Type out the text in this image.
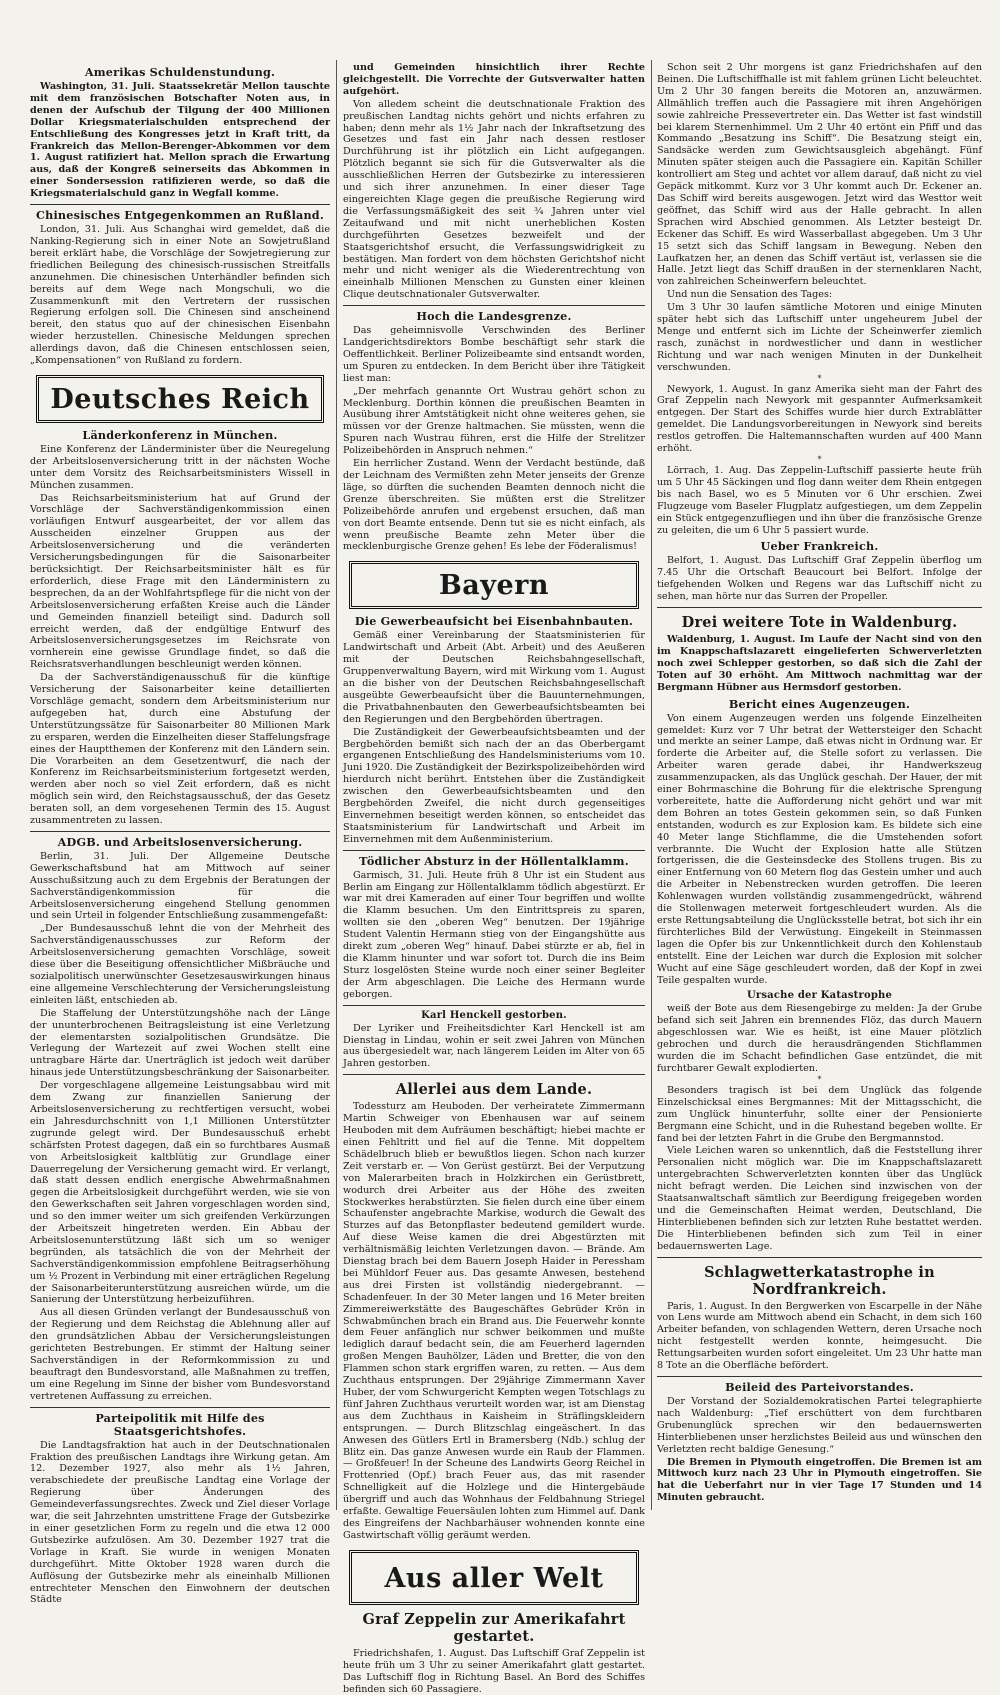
Amerikas Schuldenstundung.

Washington, 31. Juli. Staatssekretär Mellon tauschte mit dem französischen Botschafter Noten aus, in denen der Aufschub der Tilgung der 400 Millionen Dollar Kriegsmaterialschulden entsprechend der Entschließung des Kongresses jetzt in Kraft tritt, da Frankreich das Mellon-Berenger-Abkommen vor dem 1. August ratifiziert hat. Mellon sprach die Erwartung aus, daß der Kongreß seinerseits das Abkommen in einer Sondersession ratifizieren werde, so daß die Kriegsmaterialschuld ganz in Wegfall komme.

Chinesisches Entgegenkommen an Rußland.

London, 31. Juli. Aus Schanghai wird gemeldet, daß die Nanking-Regierung sich in einer Note an Sowjetrußland bereit erklärt habe, die Vorschläge der Sowjetregierung zur friedlichen Beilegung des chinesisch-russischen Streitfalls anzunehmen. Die chinesischen Unterhändler befinden sich bereits auf dem Wege nach Mongschuli, wo die Zusammenkunft mit den Vertretern der russischen Regierung erfolgen soll. Die Chinesen sind anscheinend bereit, den status quo auf der chinesischen Eisenbahn wieder herzustellen. Chinesische Meldungen sprechen allerdings davon, daß die Chinesen entschlossen seien, „Kompensationen“ von Rußland zu fordern.

Deutsches Reich
Länderkonferenz in München.

Eine Konferenz der Länderminister über die Neuregelung der Arbeitslosenversicherung tritt in der nächsten Woche unter dem Vorsitz des Reichsarbeitsministers Wissell in München zusammen.

Das Reichsarbeitsministerium hat auf Grund der Vorschläge der Sachverständigenkommission einen vorläufigen Entwurf ausgearbeitet, der vor allem das Ausscheiden einzelner Gruppen aus der Arbeitslosenversicherung und die veränderten Versicherungsbedingungen für die Saisonarbeiter berücksichtigt. Der Reichsarbeitsminister hält es für erforderlich, diese Frage mit den Länderministern zu besprechen, da an der Wohlfahrtspflege für die nicht von der Arbeitslosenversicherung erfaßten Kreise auch die Länder und Gemeinden finanziell beteiligt sind. Dadurch soll erreicht werden, daß der endgültige Entwurf des Arbeitslosenversicherungsgesetzes im Reichsrate von vornherein eine gewisse Grundlage findet, so daß die Reichsratsverhandlungen beschleunigt werden können.

Da der Sachverständigenausschuß für die künftige Versicherung der Saisonarbeiter keine detaillierten Vorschläge gemacht, sondern dem Arbeitsministerium nur aufgegeben hat, durch eine Abstufung der Unterstützungssätze für Saisonarbeiter 80 Millionen Mark zu ersparen, werden die Einzelheiten dieser Staffelungsfrage eines der Hauptthemen der Konferenz mit den Ländern sein. Die Vorarbeiten an dem Gesetzentwurf, die nach der Konferenz im Reichsarbeitsministerium fortgesetzt werden, werden aber noch so viel Zeit erfordern, daß es nicht möglich sein wird, den Reichstagsausschuß, der das Gesetz beraten soll, an dem vorgesehenen Termin des 15. August zusammentreten zu lassen.

ADGB. und Arbeitslosenversicherung.

Berlin, 31. Juli. Der Allgemeine Deutsche Gewerkschaftsbund hat am Mittwoch auf seiner Ausschußsitzung auch zu dem Ergebnis der Beratungen der Sachverständigenkommission für die Arbeitslosenversicherung eingehend Stellung genommen und sein Urteil in folgender Entschließung zusammengefaßt:

„Der Bundesausschuß lehnt die von der Mehrheit des Sachverständigenausschusses zur Reform der Arbeitslosenversicherung gemachten Vorschläge, soweit diese über die Beseitigung offensichtlicher Mißbräuche und sozialpolitisch unerwünschter Gesetzesauswirkungen hinaus eine allgemeine Verschlechterung der Versicherungsleistung einleiten läßt, entschieden ab.

Die Staffelung der Unterstützungshöhe nach der Länge der ununterbrochenen Beitragsleistung ist eine Verletzung der elementarsten sozialpolitischen Grundsätze. Die Verlegung der Wartezeit auf zwei Wochen stellt eine untragbare Härte dar. Unerträglich ist jedoch weit darüber hinaus jede Unterstützungsbeschränkung der Saisonarbeiter.

Der vorgeschlagene allgemeine Leistungsabbau wird mit dem Zwang zur finanziellen Sanierung der Arbeitslosenversicherung zu rechtfertigen versucht, wobei ein Jahresdurchschnitt von 1,1 Millionen Unterstützter zugrunde gelegt wird. Der Bundesausschuß erhebt schärfsten Protest dagegen, daß ein so furchtbares Ausmaß von Arbeitslosigkeit kaltblütig zur Grundlage einer Dauerregelung der Versicherung gemacht wird. Er verlangt, daß statt dessen endlich energische Abwehrmaßnahmen gegen die Arbeitslosigkeit durchgeführt werden, wie sie von den Gewerkschaften seit Jahren vorgeschlagen worden sind, und so den immer weiter um sich greifenden Verkürzungen der Arbeitszeit hingetreten werden. Ein Abbau der Arbeitslosenunterstützung läßt sich um so weniger begründen, als tatsächlich die von der Mehrheit der Sachverständigenkommission empfohlene Beitragserhöhung um ½ Prozent in Verbindung mit einer erträglichen Regelung der Saisonarbeiterunterstützung ausreichen würde, um die Sanierung der Unterstützung herbeizuführen.

Aus all diesen Gründen verlangt der Bundesausschuß von der Regierung und dem Reichstag die Ablehnung aller auf den grundsätzlichen Abbau der Versicherungsleistungen gerichteten Bestrebungen. Er stimmt der Haltung seiner Sachverständigen in der Reformkommission zu und beauftragt den Bundesvorstand, alle Maßnahmen zu treffen, um eine Regelung im Sinne der bisher vom Bundesvorstand vertretenen Auffassung zu erreichen.

Parteipolitik mit Hilfe des Staatsgerichtshofes.

Die Landtagsfraktion hat auch in der Deutschnationalen Fraktion des preußischen Landtags ihre Wirkung getan. Am 12. Dezember 1927, also mehr als 1½ Jahren, verabschiedete der preußische Landtag eine Vorlage der Regierung über Änderungen des Gemeindeverfassungsrechtes. Zweck und Ziel dieser Vorlage war, die seit Jahrzehnten umstrittene Frage der Gutsbezirke in einer gesetzlichen Form zu regeln und die etwa 12 000 Gutsbezirke aufzulösen. Am 30. Dezember 1927 trat die Vorlage in Kraft. Sie wurde in wenigen Monaten durchgeführt. Mitte Oktober 1928 waren durch die Auflösung der Gutsbezirke mehr als eineinhalb Millionen entrechteter Menschen den Einwohnern der deutschen Städte

und Gemeinden hinsichtlich ihrer Rechte gleichgestellt. Die Vorrechte der Gutsverwalter hatten aufgehört.

Von alledem scheint die deutschnationale Fraktion des preußischen Landtag nichts gehört und nichts erfahren zu haben; denn mehr als 1½ Jahr nach der Inkraftsetzung des Gesetzes und fast ein Jahr nach dessen restloser Durchführung ist ihr plötzlich ein Licht aufgegangen. Plötzlich begannt sie sich für die Gutsverwalter als die ausschließlichen Herren der Gutsbezirke zu interessieren und sich ihrer anzunehmen. In einer dieser Tage eingereichten Klage gegen die preußische Regierung wird die Verfassungsmäßigkeit des seit ¾ Jahren unter viel Zeitaufwand und mit nicht unerheblichen Kosten durchgeführten Gesetzes bezweifelt und der Staatsgerichtshof ersucht, die Verfassungswidrigkeit zu bestätigen. Man fordert von dem höchsten Gerichtshof nicht mehr und nicht weniger als die Wiederentrechtung von eineinhalb Millionen Menschen zu Gunsten einer kleinen Clique deutschnationaler Gutsverwalter.

Hoch die Landesgrenze.

Das geheimnisvolle Verschwinden des Berliner Landgerichtsdirektors Bombe beschäftigt sehr stark die Oeffentlichkeit. Berliner Polizeibeamte sind entsandt worden, um Spuren zu entdecken. In dem Bericht über ihre Tätigkeit liest man:

„Der mehrfach genannte Ort Wustrau gehört schon zu Mecklenburg. Dorthin können die preußischen Beamten in Ausübung ihrer Amtstätigkeit nicht ohne weiteres gehen, sie müssen vor der Grenze haltmachen. Sie müssten, wenn die Spuren nach Wustrau führen, erst die Hilfe der Strelitzer Polizeibehörden in Anspruch nehmen.“

Ein herrlicher Zustand. Wenn der Verdacht bestünde, daß der Leichnam des Vermißten zehn Meter jenseits der Grenze läge, so dürften die suchenden Beamten dennoch nicht die Grenze überschreiten. Sie müßten erst die Strelitzer Polizeibehörde anrufen und ergebenst ersuchen, daß man von dort Beamte entsende. Denn tut sie es nicht einfach, als wenn preußische Beamte zehn Meter über die mecklenburgische Grenze gehen! Es lebe der Föderalismus!

Bayern
Die Gewerbeaufsicht bei Eisenbahnbauten.

Gemäß einer Vereinbarung der Staatsministerien für Landwirtschaft und Arbeit (Abt. Arbeit) und des Aeußeren mit der Deutschen Reichsbahngesellschaft, Gruppenverwaltung Bayern, wird mit Wirkung vom 1. August an die bisher von der Deutschen Reichsbahngesellschaft ausgeübte Gewerbeaufsicht über die Bauunternehmungen, die Privatbahnenbauten den Gewerbeaufsichtsbeamten bei den Regierungen und den Bergbehörden übertragen.

Die Zuständigkeit der Gewerbeaufsichtsbeamten und der Bergbehörden bemißt sich nach der an das Oberbergamt ergangenen Entschließung des Handelsministeriums vom 10. Juni 1920. Die Zuständigkeit der Bezirkspolizeibehörden wird hierdurch nicht berührt. Entstehen über die Zuständigkeit zwischen den Gewerbeaufsichtsbeamten und den Bergbehörden Zweifel, die nicht durch gegenseitiges Einvernehmen beseitigt werden können, so entscheidet das Staatsministerium für Landwirtschaft und Arbeit im Einvernehmen mit dem Außenministerium.

Tödlicher Absturz in der Höllentalklamm.

Garmisch, 31. Juli. Heute früh 8 Uhr ist ein Student aus Berlin am Eingang zur Höllentalklamm tödlich abgestürzt. Er war mit drei Kameraden auf einer Tour begriffen und wollte die Klamm besuchen. Um den Eintrittspreis zu sparen, wollten sie den „oberen Weg“ benutzen. Der 19jährige Student Valentin Hermann stieg von der Eingangshütte aus direkt zum „oberen Weg“ hinauf. Dabei stürzte er ab, fiel in die Klamm hinunter und war sofort tot. Durch die ins Beim Sturz losgelösten Steine wurde noch einer seiner Begleiter der Arm abgeschlagen. Die Leiche des Hermann wurde geborgen.

Karl Henckell gestorben.

Der Lyriker und Freiheitsdichter Karl Henckell ist am Dienstag in Lindau, wohin er seit zwei Jahren von München aus übergesiedelt war, nach längerem Leiden im Alter von 65 Jahren gestorben.

Allerlei aus dem Lande.

Todessturz am Heuboden. Der verheiratete Zimmermann Martin Schweiger von Ebenhausen war auf seinem Heuboden mit dem Aufräumen beschäftigt; hiebei machte er einen Fehltritt und fiel auf die Tenne. Mit doppeltem Schädelbruch blieb er bewußtlos liegen. Schon nach kurzer Zeit verstarb er. — Von Gerüst gestürzt. Bei der Verputzung von Malerarbeiten brach in Holzkirchen ein Gerüstbrett, wodurch drei Arbeiter aus der Höhe des zweiten Stockwerkes herabstürzten. Sie fielen durch eine über einem Schaufenster angebrachte Markise, wodurch die Gewalt des Sturzes auf das Betonpflaster bedeutend gemildert wurde. Auf diese Weise kamen die drei Abgestürzten mit verhältnismäßig leichten Verletzungen davon. — Brände. Am Dienstag brach bei dem Bauern Joseph Haider in Peressham bei Mühldorf Feuer aus. Das gesamte Anwesen, bestehend aus drei Firsten ist vollständig niedergebrannt. — Schadenfeuer. In der 30 Meter langen und 16 Meter breiten Zimmereiwerkstätte des Baugeschäftes Gebrüder Krön in Schwabmünchen brach ein Brand aus. Die Feuerwehr konnte dem Feuer anfänglich nur schwer beikommen und mußte lediglich darauf bedacht sein, die am Feuerherd lagernden großen Mengen Bauhölzer, Läden und Bretter, die von den Flammen schon stark ergriffen waren, zu retten. — Aus dem Zuchthaus entsprungen. Der 29jährige Zimmermann Xaver Huber, der vom Schwurgericht Kempten wegen Totschlags zu fünf Jahren Zuchthaus verurteilt worden war, ist am Dienstag aus dem Zuchthaus in Kaisheim in Sträflingskleidern entsprungen. — Durch Blitzschlag eingeäschert. In das Anwesen des Gütlers Ertl in Bramersberg (Ndb.) schlug der Blitz ein. Das ganze Anwesen wurde ein Raub der Flammen. — Großfeuer! In der Scheune des Landwirts Georg Reichel in Frottenried (Opf.) brach Feuer aus, das mit rasender Schnelligkeit auf die Holzlege und die Hintergebäude übergriff und auch das Wohnhaus der Feldbahnung Striegel erfaßte. Gewaltige Feuersäulen lohten zum Himmel auf. Dank des Eingreifens der Nachbarhäuser wohnenden konnte eine Gastwirtschaft völlig geräumt werden.

Aus aller Welt
Graf Zeppelin zur Amerikafahrt gestartet.

Friedrichshafen, 1. August. Das Luftschiff Graf Zeppelin ist heute früh um 3 Uhr zu seiner Amerikafahrt glatt gestartet. Das Luftschiff flog in Richtung Basel. An Bord des Schiffes befinden sich 60 Passagiere.

Schon seit 2 Uhr morgens ist ganz Friedrichshafen auf den Beinen. Die Luftschiffhalle ist mit fahlem grünen Licht beleuchtet. Um 2 Uhr 30 fangen bereits die Motoren an, anzuwärmen. Allmählich treffen auch die Passagiere mit ihren Angehörigen sowie zahlreiche Pressevertreter ein. Das Wetter ist fast windstill bei klarem Sternenhimmel. Um 2 Uhr 40 ertönt ein Pfiff und das Kommando „Besatzung ins Schiff“. Die Besatzung steigt ein, Sandsäcke werden zum Gewichtsausgleich abgehängt. Fünf Minuten später steigen auch die Passagiere ein. Kapitän Schiller kontrolliert am Steg und achtet vor allem darauf, daß nicht zu viel Gepäck mitkommt. Kurz vor 3 Uhr kommt auch Dr. Eckener an. Das Schiff wird bereits ausgewogen. Jetzt wird das Westtor weit geöffnet, das Schiff wird aus der Halle gebracht. In allen Sprachen wird Abschied genommen. Als Letzter besteigt Dr. Eckener das Schiff. Es wird Wasserballast abgegeben. Um 3 Uhr 15 setzt sich das Schiff langsam in Bewegung. Neben den Laufkatzen her, an denen das Schiff vertäut ist, verlassen sie die Halle. Jetzt liegt das Schiff draußen in der sternenklaren Nacht, von zahlreichen Scheinwerfern beleuchtet.

Und nun die Sensation des Tages:

Um 3 Uhr 30 laufen sämtliche Motoren und einige Minuten später hebt sich das Luftschiff unter ungeheurem Jubel der Menge und entfernt sich im Lichte der Scheinwerfer ziemlich rasch, zunächst in nordwestlicher und dann in westlicher Richtung und war nach wenigen Minuten in der Dunkelheit verschwunden.

*

Newyork, 1. August. In ganz Amerika sieht man der Fahrt des Graf Zeppelin nach Newyork mit gespannter Aufmerksamkeit entgegen. Der Start des Schiffes wurde hier durch Extrablätter gemeldet. Die Landungsvorbereitungen in Newyork sind bereits restlos getroffen. Die Haltemannschaften wurden auf 400 Mann erhöht.

*

Lörrach, 1. Aug. Das Zeppelin-Luftschiff passierte heute früh um 5 Uhr 45 Säckingen und flog dann weiter dem Rhein entgegen bis nach Basel, wo es 5 Minuten vor 6 Uhr erschien. Zwei Flugzeuge vom Baseler Flugplatz aufgestiegen, um dem Zeppelin ein Stück entgegenzufliegen und ihn über die französische Grenze zu geleiten, die um 6 Uhr 5 passiert wurde.

Ueber Frankreich.

Belfort, 1. August. Das Luftschiff Graf Zeppelin überflog um 7.45 Uhr die Ortschaft Beaucourt bei Belfort. Infolge der tiefgehenden Wolken und Regens war das Luftschiff nicht zu sehen, man hörte nur das Surren der Propeller.

Drei weitere Tote in Waldenburg.

Waldenburg, 1. August. Im Laufe der Nacht sind von den im Knappschaftslazarett eingelieferten Schwerverletzten noch zwei Schlepper gestorben, so daß sich die Zahl der Toten auf 30 erhöht. Am Mittwoch nachmittag war der Bergmann Hübner aus Hermsdorf gestorben.

Bericht eines Augenzeugen.

Von einem Augenzeugen werden uns folgende Einzelheiten gemeldet: Kurz vor 7 Uhr betrat der Wettersteiger den Schacht und merkte an seiner Lampe, daß etwas nicht in Ordnung war. Er forderte die Arbeiter auf, die Stelle sofort zu verlassen. Die Arbeiter waren gerade dabei, ihr Handwerkszeug zusammenzupacken, als das Unglück geschah. Der Hauer, der mit einer Bohrmaschine die Bohrung für die elektrische Sprengung vorbereitete, hatte die Aufforderung nicht gehört und war mit dem Bohren an totes Gestein gekommen sein, so daß Funken entstanden, wodurch es zur Explosion kam. Es bildete sich eine 40 Meter lange Stichflamme, die die Umstehenden sofort verbrannte. Die Wucht der Explosion hatte alle Stützen fortgerissen, die die Gesteinsdecke des Stollens trugen. Bis zu einer Entfernung von 60 Metern flog das Gestein umher und auch die Arbeiter in Nebenstrecken wurden getroffen. Die leeren Kohlenwagen wurden vollständig zusammengedrückt, während die Stollenwagen meterweit fortgeschleudert wurden. Als die erste Rettungsabteilung die Unglücksstelle betrat, bot sich ihr ein fürchterliches Bild der Verwüstung. Eingekeilt in Steinmassen lagen die Opfer bis zur Unkenntlichkeit durch den Kohlenstaub entstellt. Eine der Leichen war durch die Explosion mit solcher Wucht auf eine Säge geschleudert worden, daß der Kopf in zwei Teile gespalten wurde.

Ursache der Katastrophe

weiß der Bote aus dem Riesengebirge zu melden: Ja der Grube befand sich seit Jahren ein brennendes Flöz, das durch Mauern abgeschlossen war. Wie es heißt, ist eine Mauer plötzlich gebrochen und durch die herausdrängenden Stichflammen wurden die im Schacht befindlichen Gase entzündet, die mit furchtbarer Gewalt explodierten.

*

Besonders tragisch ist bei dem Unglück das folgende Einzelschicksal eines Bergmannes: Mit der Mittagsschicht, die zum Unglück hinunterfuhr, sollte einer der Pensionierte Bergmann eine Schicht, und in die Ruhestand begeben wollte. Er fand bei der letzten Fahrt in die Grube den Bergmannstod.

Viele Leichen waren so unkenntlich, daß die Feststellung ihrer Personalien nicht möglich war. Die im Knappschaftslazarett untergebrachten Schwerverletzten konnten über das Unglück nicht befragt werden. Die Leichen sind inzwischen von der Staatsanwaltschaft sämtlich zur Beerdigung freigegeben worden und die Gemeinschaften Heimat werden, Deutschland, Die Hinterbliebenen befinden sich zur letzten Ruhe bestattet werden. Die Hinterbliebenen befinden sich zum Teil in einer bedauernswerten Lage.

Schlagwetterkatastrophe in Nordfrankreich.

Paris, 1. August. In den Bergwerken von Escarpelle in der Nähe von Lens wurde am Mittwoch abend ein Schacht, in dem sich 160 Arbeiter befanden, von schlagenden Wettern, deren Ursache noch nicht festgestellt werden konnte, heimgesucht. Die Rettungsarbeiten wurden sofort eingeleitet. Um 23 Uhr hatte man 8 Tote an die Oberfläche befördert.

Beileid des Parteivorstandes.

Der Vorstand der Sozialdemokratischen Partei telegraphierte nach Waldenburg: „Tief erschüttert von dem furchtbaren Grubenunglück sprechen wir den bedauernswerten Hinterbliebenen unser herzlichstes Beileid aus und wünschen den Verletzten recht baldige Genesung.“

Die Bremen in Plymouth eingetroffen. Die Bremen ist am Mittwoch kurz nach 23 Uhr in Plymouth eingetroffen. Sie hat die Ueberfahrt nur in vier Tage 17 Stunden und 14 Minuten gebraucht.
